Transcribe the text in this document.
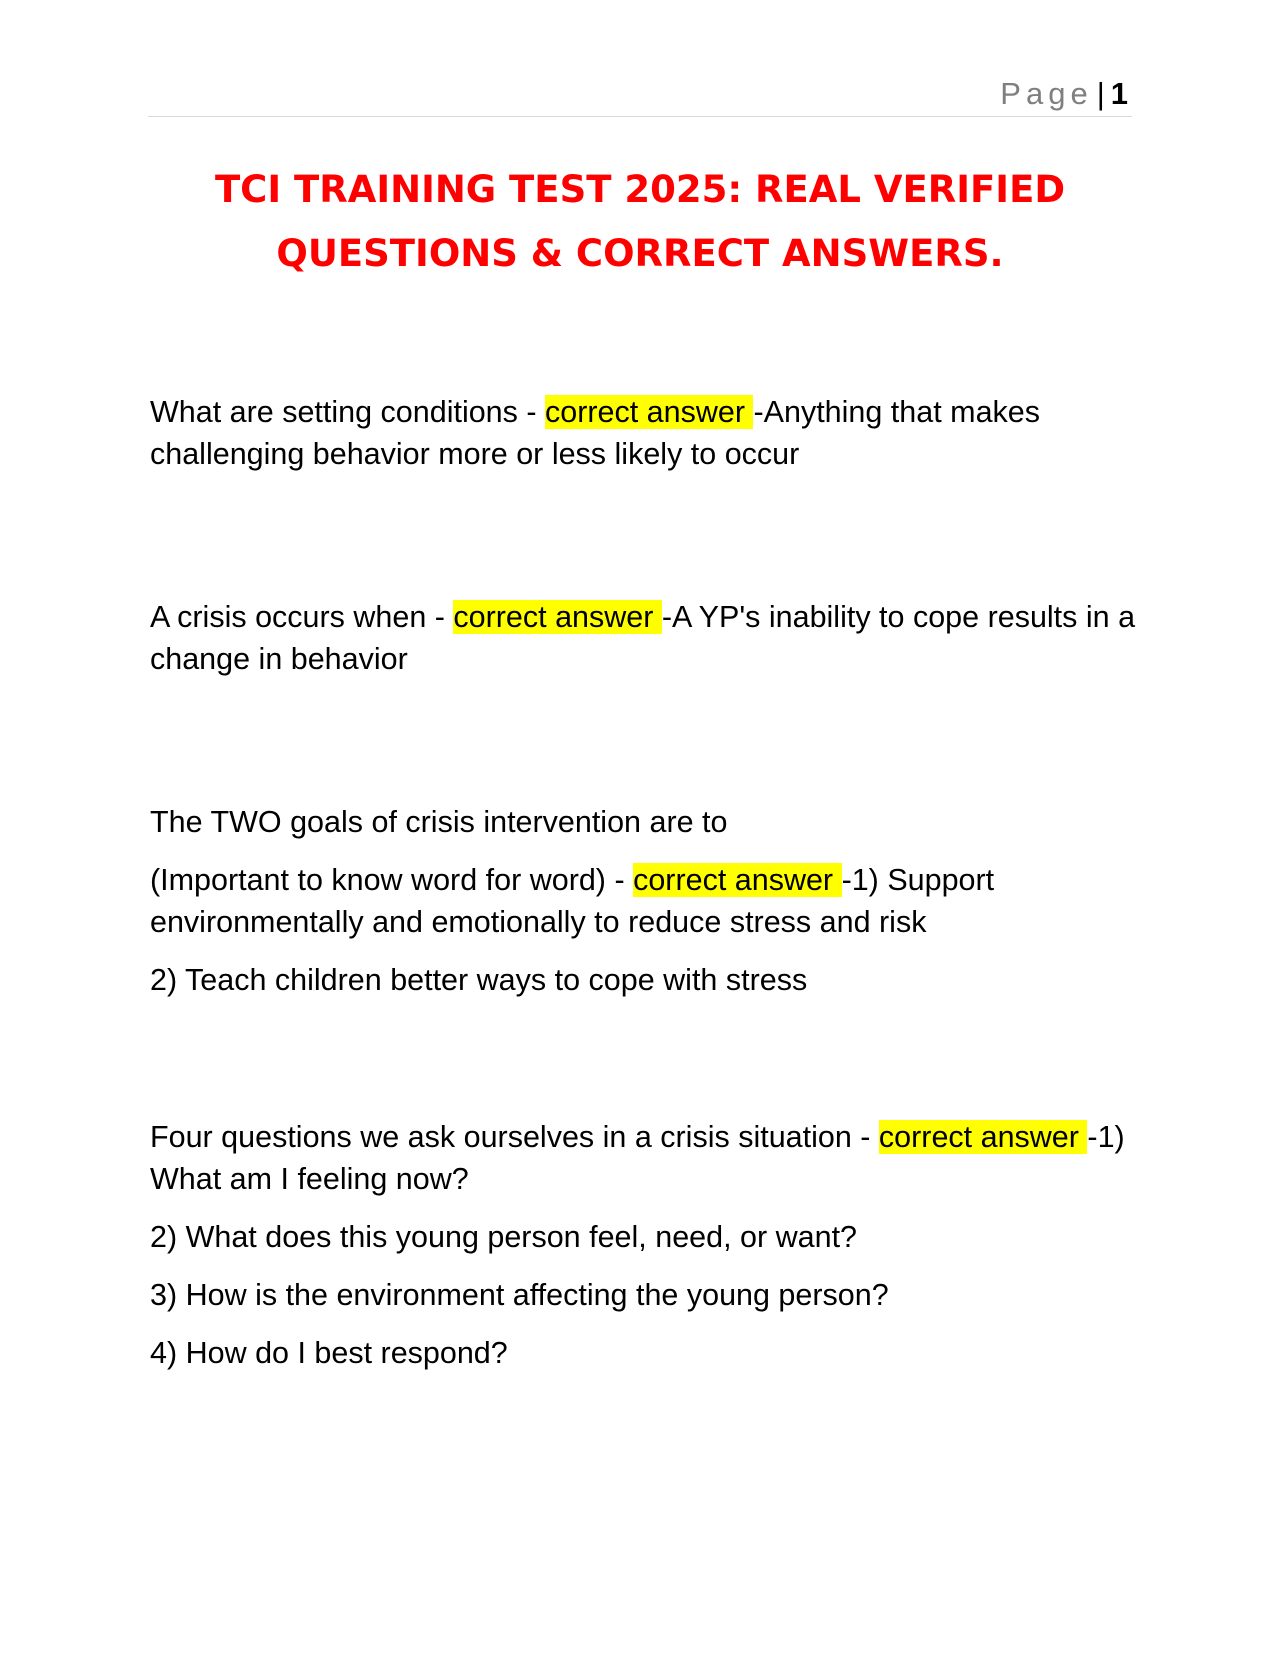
Page | 1
TCI TRAINING TEST 2025: REAL VERIFIED
QUESTIONS & CORRECT ANSWERS.

What are setting conditions - correct answer -Anything that makes challenging behavior more or less likely to occur

A crisis occurs when - correct answer -A YP's inability to cope results in a change in behavior

The TWO goals of crisis intervention are to

(Important to know word for word) - correct answer -1) Support environmentally and emotionally to reduce stress and risk

2) Teach children better ways to cope with stress

Four questions we ask ourselves in a crisis situation - correct answer -1) What am I feeling now?

2) What does this young person feel, need, or want?

3) How is the environment affecting the young person?

4) How do I best respond?
